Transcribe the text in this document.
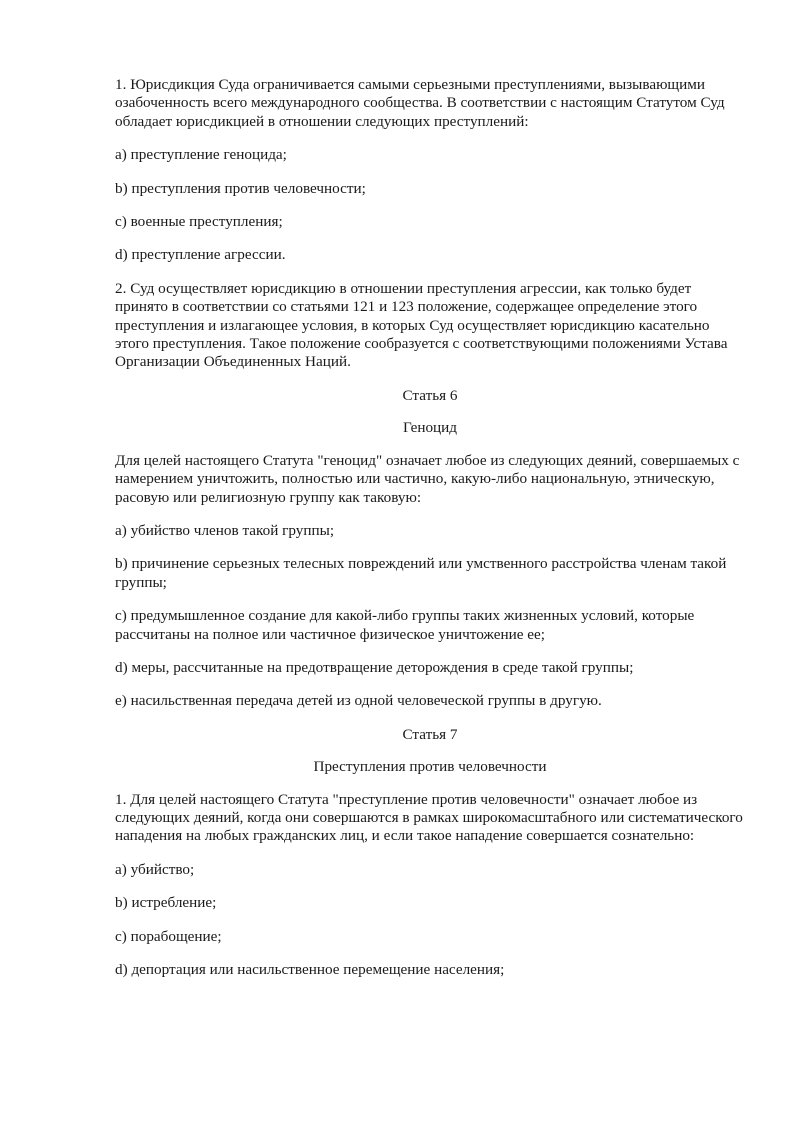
1. Юрисдикция Суда ограничивается самыми серьезными преступлениями, вызывающими озабоченность всего международного сообщества. В соответствии с настоящим Статутом Суд обладает юрисдикцией в отношении следующих преступлений:

a) преступление геноцида;

b) преступления против человечности;

c) военные преступления;

d) преступление агрессии.

2. Суд осуществляет юрисдикцию в отношении преступления агрессии, как только будет принято в соответствии со статьями 121 и 123 положение, содержащее определение этого преступления и излагающее условия, в которых Суд осуществляет юрисдикцию касательно этого преступления. Такое положение сообразуется с соответствующими положениями Устава Организации Объединенных Наций.

Статья 6

Геноцид

Для целей настоящего Статута "геноцид" означает любое из следующих деяний, совершаемых с намерением уничтожить, полностью или частично, какую-либо национальную, этническую, расовую или религиозную группу как таковую:

a) убийство членов такой группы;

b) причинение серьезных телесных повреждений или умственного расстройства членам такой группы;

c) предумышленное создание для какой-либо группы таких жизненных условий, которые рассчитаны на полное или частичное физическое уничтожение ее;

d) меры, рассчитанные на предотвращение деторождения в среде такой группы;

e) насильственная передача детей из одной человеческой группы в другую.

Статья 7

Преступления против человечности

1. Для целей настоящего Статута "преступление против человечности" означает любое из следующих деяний, когда они совершаются в рамках широкомасштабного или систематического нападения на любых гражданских лиц, и если такое нападение совершается сознательно:

a) убийство;

b) истребление;

c) порабощение;

d) депортация или насильственное перемещение населения;
